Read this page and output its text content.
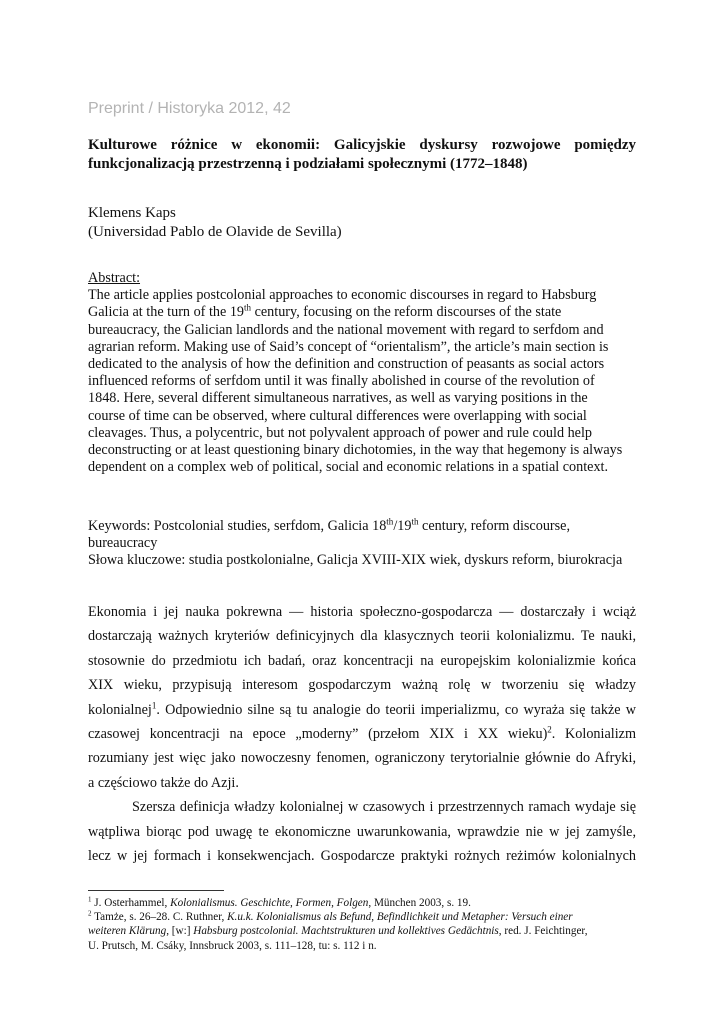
Preprint / Historyka 2012, 42
Kulturowe różnice w ekonomii: Galicyjskie dyskursy rozwojowe pomiędzy
funkcjonalizacją przestrzenną i podziałami społecznymi (1772–1848)
Klemens Kaps
(Universidad Pablo de Olavide de Sevilla)
Abstract:
The article applies postcolonial approaches to economic discourses in regard to Habsburg
Galicia at the turn of the 19th century, focusing on the reform discourses of the state
bureaucracy, the Galician landlords and the national movement with regard to serfdom and
agrarian reform. Making use of Said’s concept of “orientalism”, the article’s main section is
dedicated to the analysis of how the definition and construction of peasants as social actors
influenced reforms of serfdom until it was finally abolished in course of the revolution of
1848. Here, several different simultaneous narratives, as well as varying positions in the
course of time can be observed, where cultural differences were overlapping with social
cleavages. Thus, a polycentric, but not polyvalent approach of power and rule could help
deconstructing or at least questioning binary dichotomies, in the way that hegemony is always
dependent on a complex web of political, social and economic relations in a spatial context.
Keywords: Postcolonial studies, serfdom, Galicia 18th/19th century, reform discourse,
bureaucracy
Słowa kluczowe: studia postkolonialne, Galicja XVIII-XIX wiek, dyskurs reform, biurokracja
Ekonomia i jej nauka pokrewna — historia społeczno-gospodarcza — dostarczały i wciąż
dostarczają ważnych kryteriów definicyjnych dla klasycznych teorii kolonializmu. Te nauki,
stosownie do przedmiotu ich badań, oraz koncentracji na europejskim kolonializmie końca
XIX wieku, przypisują interesom gospodarczym ważną rolę w tworzeniu się władzy
kolonialnej$^1$. Odpowiednio silne są tu analogie do teorii imperializmu, co wyraża się także w
czasowej koncentracji na epoce „moderny” (przełom XIX i XX wieku)$^2$. Kolonializm
rozumiany jest więc jako nowoczesny fenomen, ograniczony terytorialnie głównie do Afryki,
a częściowo także do Azji.
Szersza definicja władzy kolonialnej w czasowych i przestrzennych ramach wydaje się
wątpliwa biorąc pod uwagę te ekonomiczne uwarunkowania, wprawdzie nie w jej zamyśle,
lecz w jej formach i konsekwencjach. Gospodarcze praktyki rożnych reżimów kolonialnych
$^1$ J. Osterhammel, Kolonialismus. Geschichte, Formen, Folgen, München 2003, s. 19.
$^2$ Tamże, s. 26–28. C. Ruthner, K.u.k. Kolonialismus als Befund, Befindlichkeit und Metapher: Versuch einer
weiteren Klärung, [w:] Habsburg postcolonial. Machtstrukturen und kollektives Gedächtnis, red. J. Feichtinger,
U. Prutsch, M. Csáky, Innsbruck 2003, s. 111–128, tu: s. 112 i n.
